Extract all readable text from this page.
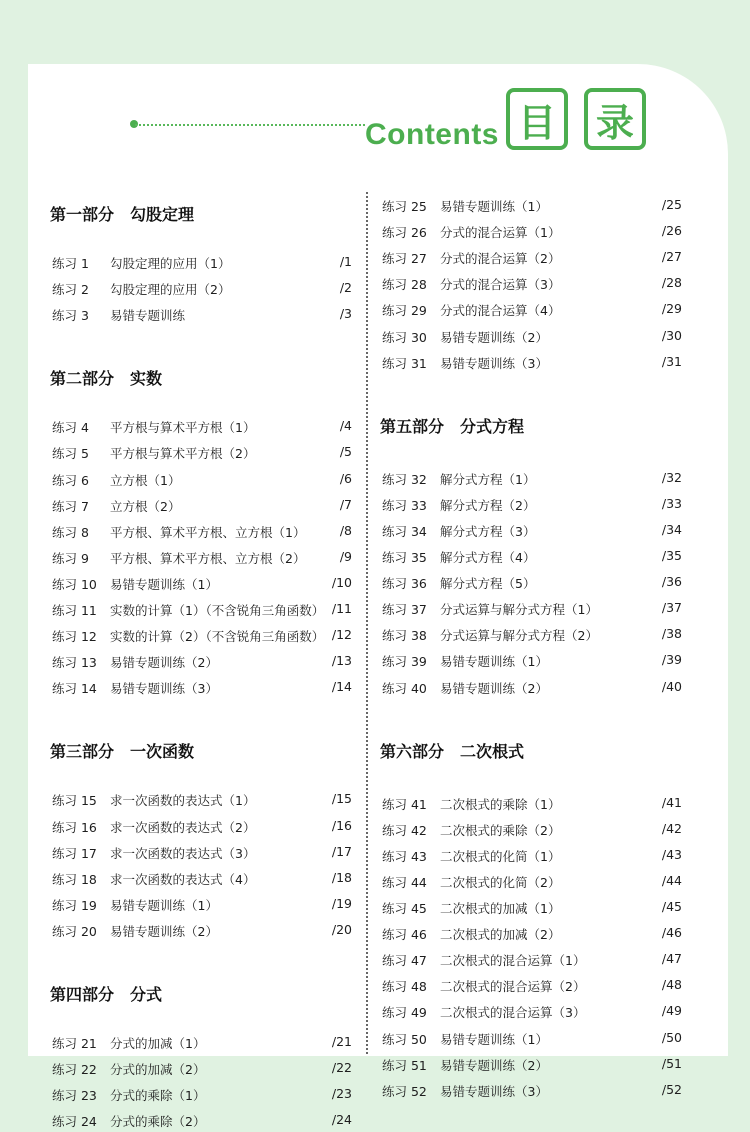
Contents 目	录
第一部分 勾股定理
练习 1 勾股定理的应用（1）	/1
练习 2 勾股定理的应用（2）	/2
练习 3 易错专题训练	/3
第二部分 实数
练习 4 平方根与算术平方根（1）	/4
练习 5 平方根与算术平方根（2）	/5
练习 6 立方根（1）	/6
练习 7 立方根（2）	/7
练习 8 平方根、算术平方根、立方根（1）	/8
练习 9 平方根、算术平方根、立方根（2）	/9
练习 10 易错专题训练（1）	/10
练习 11 实数的计算（1）（不含锐角三角函数） /11
练习 12 实数的计算（2）（不含锐角三角函数） /12
练习 13 易错专题训练（2）	/13
练习 14 易错专题训练（3）	/14
第三部分 一次函数
练习 15 求一次函数的表达式（1）	/15
练习 16 求一次函数的表达式（2）	/16
练习 17 求一次函数的表达式（3）	/17
练习 18 求一次函数的表达式（4）	/18
练习 19 易错专题训练（1）	/19
练习 20 易错专题训练（2）	/20
第四部分 分式
练习 21 分式的加减（1）	/21
练习 22 分式的加减（2）	/22
练习 23 分式的乘除（1）	/23
练习 24 分式的乘除（2）	/24
练习 25 易错专题训练（1）	/25
练习 26 分式的混合运算（1）	/26
练习 27 分式的混合运算（2）	/27
练习 28 分式的混合运算（3）	/28
练习 29 分式的混合运算（4）	/29
练习 30 易错专题训练（2）	/30
练习 31 易错专题训练（3）	/31
第五部分 分式方程
练习 32 解分式方程（1）	/32
练习 33 解分式方程（2）	/33
练习 34 解分式方程（3）	/34
练习 35 解分式方程（4）	/35
练习 36 解分式方程（5）	/36
练习 37 分式运算与解分式方程（1）	/37
练习 38 分式运算与解分式方程（2）	/38
练习 39 易错专题训练（1）	/39
练习 40 易错专题训练（2）	/40
第六部分 二次根式
练习 41 二次根式的乘除（1）	/41
练习 42 二次根式的乘除（2）	/42
练习 43 二次根式的化简（1）	/43
练习 44 二次根式的化简（2）	/44
练习 45 二次根式的加减（1）	/45
练习 46 二次根式的加减（2）	/46
练习 47 二次根式的混合运算（1）	/47
练习 48 二次根式的混合运算（2）	/48
练习 49 二次根式的混合运算（3）	/49
练习 50 易错专题训练（1）	/50
练习 51 易错专题训练（2）	/51
练习 52 易错专题训练（3）	/52
